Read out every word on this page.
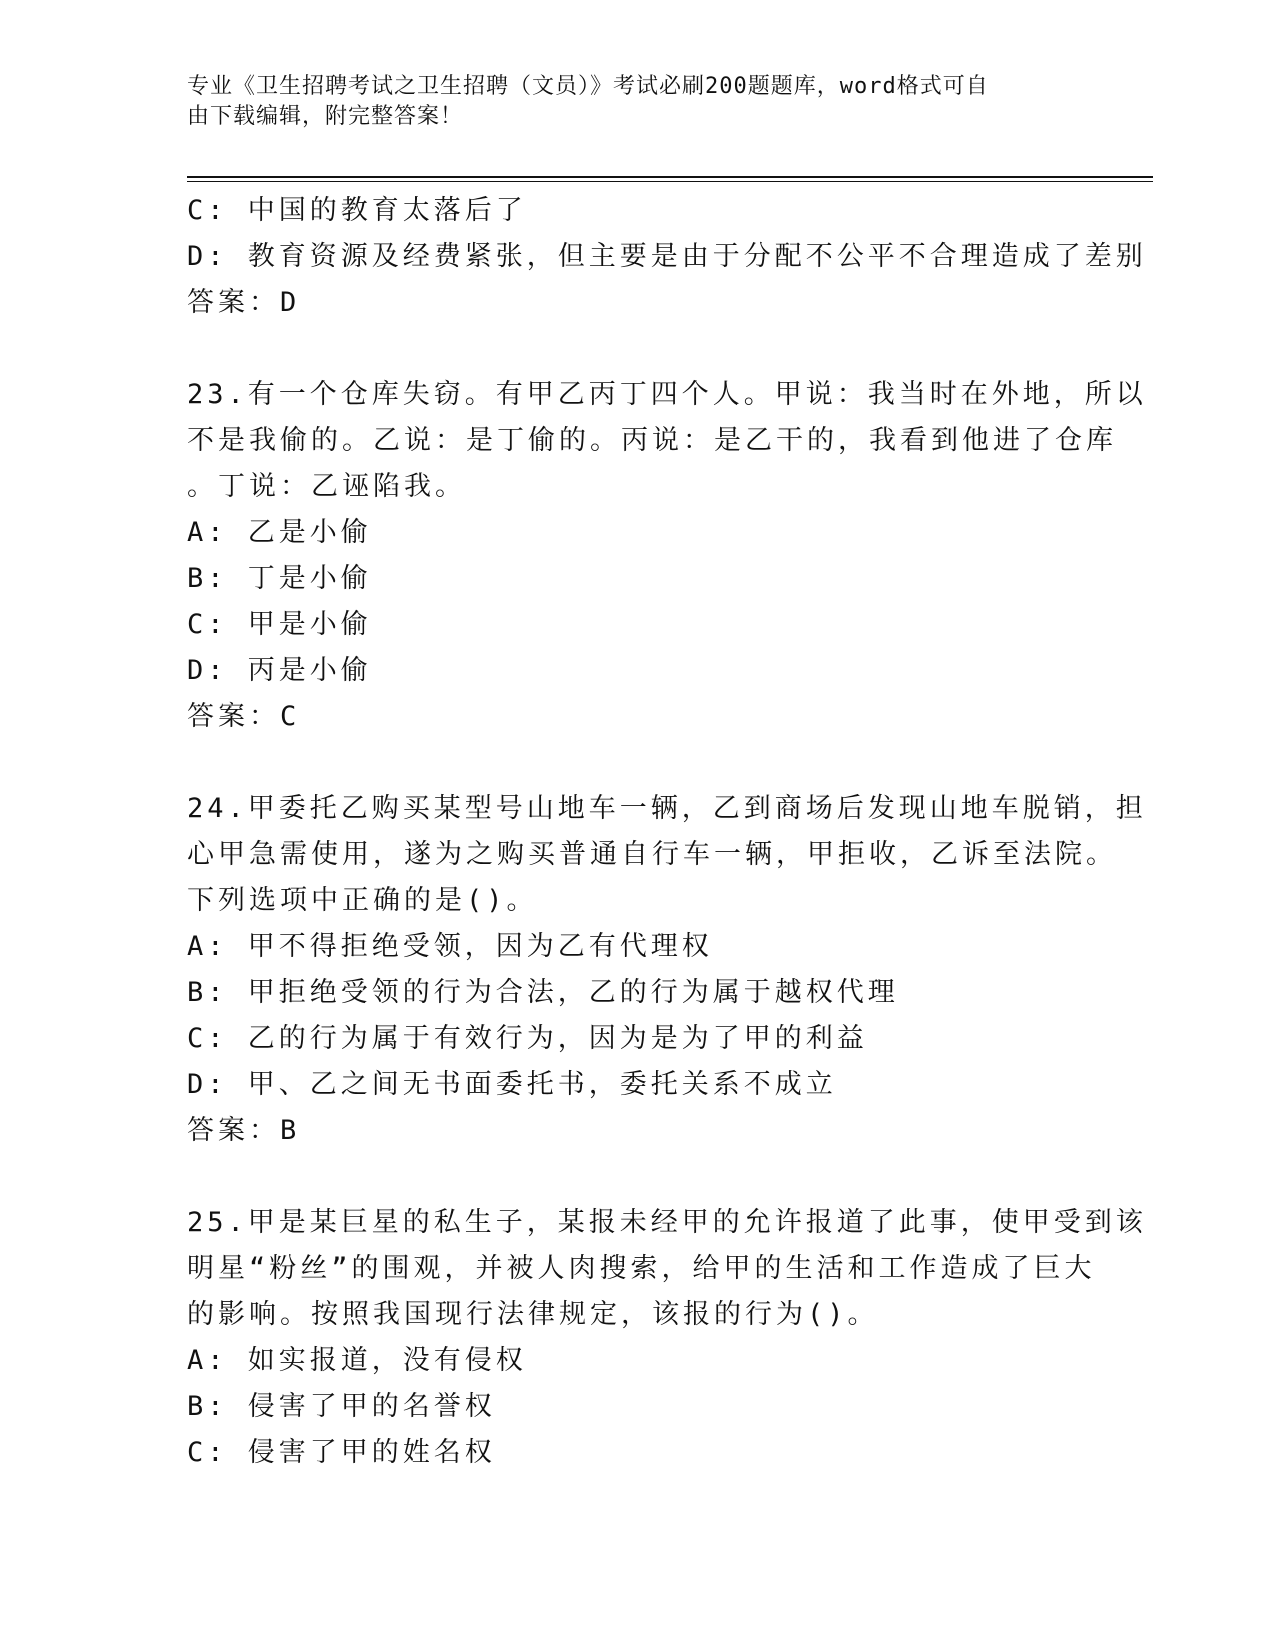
专业《卫生招聘考试之卫生招聘（文员）》考试必刷200题题库，word格式可自
由下载编辑，附完整答案！
C: 中国的教育太落后了
D: 教育资源及经费紧张，但主要是由于分配不公平不合理造成了差别
答案：D
23.有一个仓库失窃。有甲乙丙丁四个人。甲说：我当时在外地，所以
不是我偷的。乙说：是丁偷的。丙说：是乙干的，我看到他进了仓库
。丁说：乙诬陷我。
A: 乙是小偷
B: 丁是小偷
C: 甲是小偷
D: 丙是小偷
答案：C
24.甲委托乙购买某型号山地车一辆，乙到商场后发现山地车脱销，担
心甲急需使用，遂为之购买普通自行车一辆，甲拒收，乙诉至法院。
下列选项中正确的是()。
A: 甲不得拒绝受领，因为乙有代理权
B: 甲拒绝受领的行为合法，乙的行为属于越权代理
C: 乙的行为属于有效行为，因为是为了甲的利益
D: 甲、乙之间无书面委托书，委托关系不成立
答案：B
25.甲是某巨星的私生子，某报未经甲的允许报道了此事，使甲受到该
明星“粉丝”的围观，并被人肉搜索，给甲的生活和工作造成了巨大
的影响。按照我国现行法律规定，该报的行为()。
A: 如实报道，没有侵权
B: 侵害了甲的名誉权
C: 侵害了甲的姓名权
